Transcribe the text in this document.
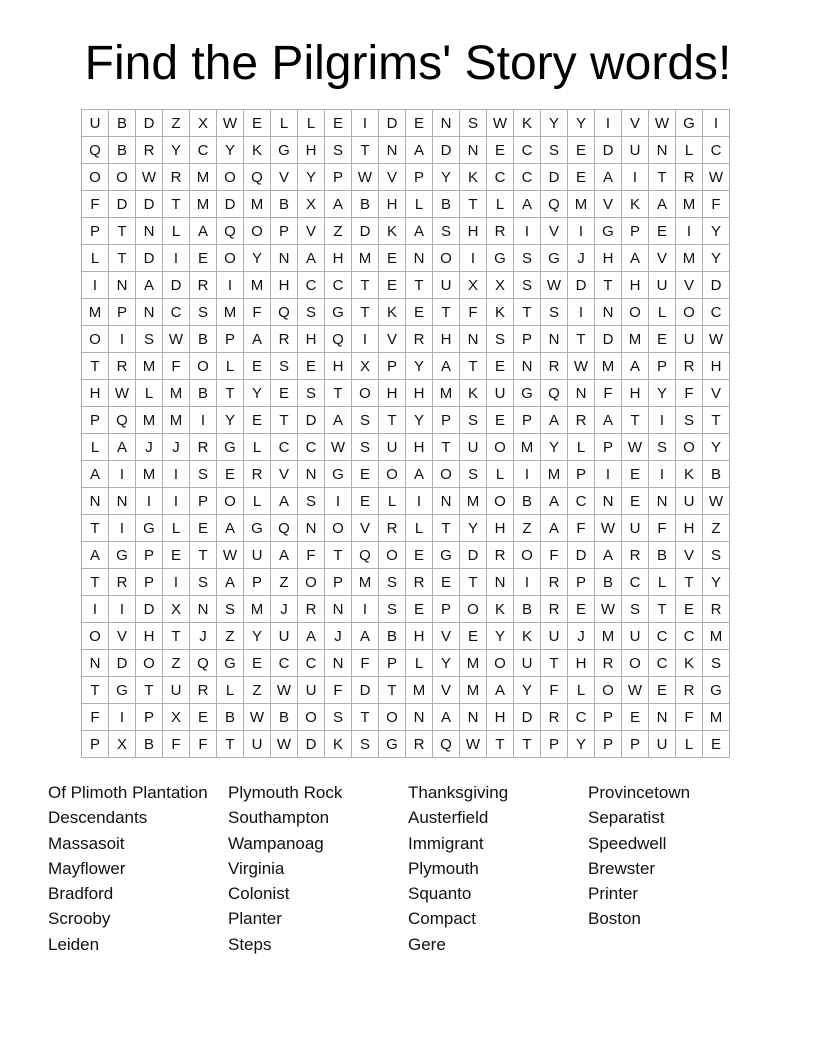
Find the Pilgrims' Story words!
U	B	D	Z	X	W	E	L	L	E	I	D	E	N	S	W	K	Y	Y	I	V	W	G	I
Q	B	R	Y	C	Y	K	G	H	S	T	N	A	D	N	E	C	S	E	D	U	N	L	C
O	O	W	R	M	O	Q	V	Y	P	W	V	P	Y	K	C	C	D	E	A	I	T	R	W
F	D	D	T	M	D	M	B	X	A	B	H	L	B	T	L	A	Q	M	V	K	A	M	F
P	T	N	L	A	Q	O	P	V	Z	D	K	A	S	H	R	I	V	I	G	P	E	I	Y
L	T	D	I	E	O	Y	N	A	H	M	E	N	O	I	G	S	G	J	H	A	V	M	Y
I	N	A	D	R	I	M	H	C	C	T	E	T	U	X	X	S	W	D	T	H	U	V	D
M	P	N	C	S	M	F	Q	S	G	T	K	E	T	F	K	T	S	I	N	O	L	O	C
O	I	S	W	B	P	A	R	H	Q	I	V	R	H	N	S	P	N	T	D	M	E	U	W
T	R	M	F	O	L	E	S	E	H	X	P	Y	A	T	E	N	R	W	M	A	P	R	H
H	W	L	M	B	T	Y	E	S	T	O	H	H	M	K	U	G	Q	N	F	H	Y	F	V
P	Q	M	M	I	Y	E	T	D	A	S	T	Y	P	S	E	P	A	R	A	T	I	S	T
L	A	J	J	R	G	L	C	C	W	S	U	H	T	U	O	M	Y	L	P	W	S	O	Y
A	I	M	I	S	E	R	V	N	G	E	O	A	O	S	L	I	M	P	I	E	I	K	B
N	N	I	I	P	O	L	A	S	I	E	L	I	N	M	O	B	A	C	N	E	N	U	W
T	I	G	L	E	A	G	Q	N	O	V	R	L	T	Y	H	Z	A	F	W	U	F	H	Z
A	G	P	E	T	W	U	A	F	T	Q	O	E	G	D	R	O	F	D	A	R	B	V	S
T	R	P	I	S	A	P	Z	O	P	M	S	R	E	T	N	I	R	P	B	C	L	T	Y
I	I	D	X	N	S	M	J	R	N	I	S	E	P	O	K	B	R	E	W	S	T	E	R
O	V	H	T	J	Z	Y	U	A	J	A	B	H	V	E	Y	K	U	J	M	U	C	C	M
N	D	O	Z	Q	G	E	C	C	N	F	P	L	Y	M	O	U	T	H	R	O	C	K	S
T	G	T	U	R	L	Z	W	U	F	D	T	M	V	M	A	Y	F	L	O	W	E	R	G
F	I	P	X	E	B	W	B	O	S	T	O	N	A	N	H	D	R	C	P	E	N	F	M
P	X	B	F	F	T	U	W	D	K	S	G	R	Q	W	T	T	P	Y	P	P	U	L	E
Of Plimoth Plantation
Descendants
Massasoit
Mayflower
Bradford
Scrooby
Leiden
Plymouth Rock
Southampton
Wampanoag
Virginia
Colonist
Planter
Steps
Thanksgiving
Austerfield
Immigrant
Plymouth
Squanto
Compact
Gere
Provincetown
Separatist
Speedwell
Brewster
Printer
Boston
